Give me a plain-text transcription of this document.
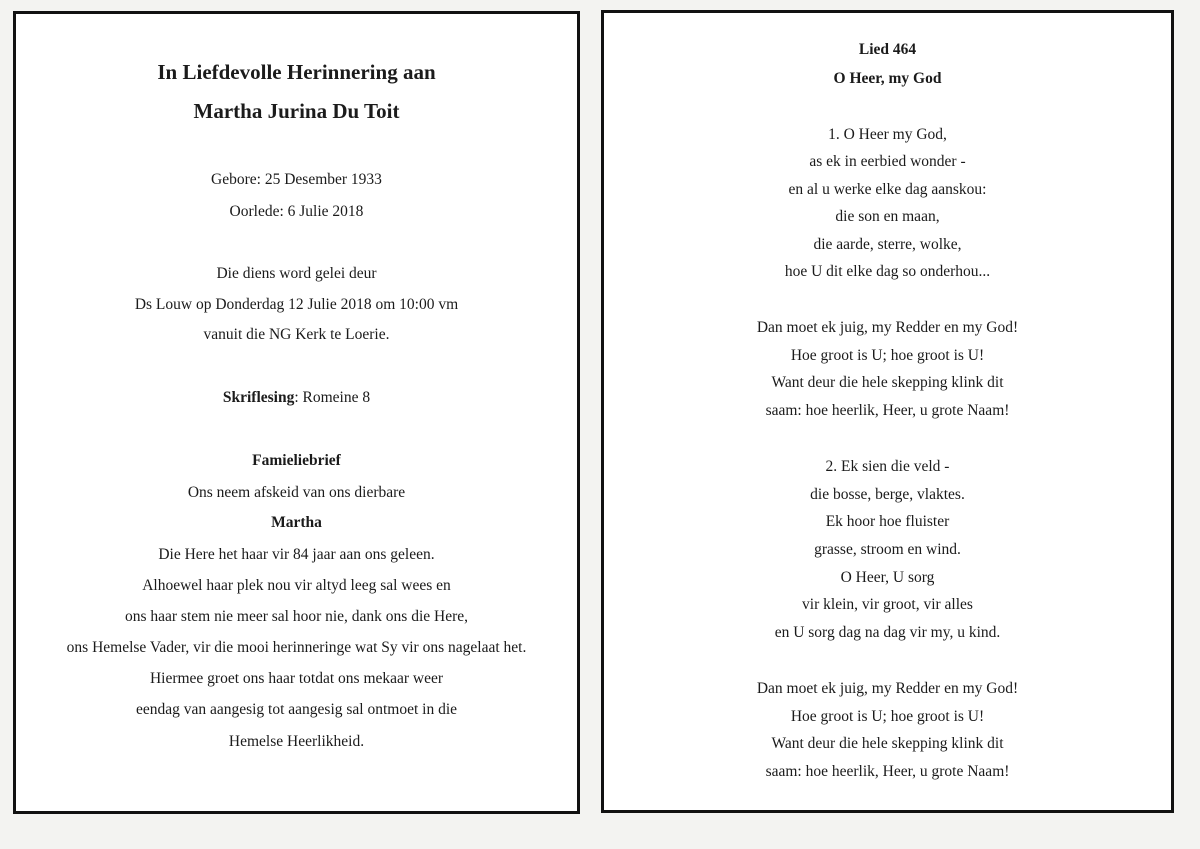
In Liefdevolle Herinnering aan
Martha Jurina Du Toit
Gebore: 25 Desember 1933
Oorlede: 6 Julie 2018
Die diens word gelei deur
Ds Louw op Donderdag 12 Julie 2018 om 10:00 vm
vanuit die NG Kerk te Loerie.
Skriflesing: Romeine 8
Famieliebrief
Ons neem afskeid van ons dierbare
Martha
Die Here het haar vir 84 jaar aan ons geleen.
Alhoewel haar plek nou vir altyd leeg sal wees en
ons haar stem nie meer sal hoor nie, dank ons die Here,
ons Hemelse Vader, vir die mooi herinneringe wat Sy vir ons nagelaat het.
Hiermee groet ons haar totdat ons mekaar weer
eendag van aangesig tot aangesig sal ontmoet in die
Hemelse Heerlikheid.
Lied 464
O Heer, my God
1. O Heer my God,
as ek in eerbied wonder -
en al u werke elke dag aanskou:
die son en maan,
die aarde, sterre, wolke,
hoe U dit elke dag so onderhou...
Dan moet ek juig, my Redder en my God!
Hoe groot is U; hoe groot is U!
Want deur die hele skepping klink dit
saam: hoe heerlik, Heer, u grote Naam!
2. Ek sien die veld -
die bosse, berge, vlaktes.
Ek hoor hoe fluister
grasse, stroom en wind.
O Heer, U sorg
vir klein, vir groot, vir alles
en U sorg dag na dag vir my, u kind.
Dan moet ek juig, my Redder en my God!
Hoe groot is U; hoe groot is U!
Want deur die hele skepping klink dit
saam: hoe heerlik, Heer, u grote Naam!
